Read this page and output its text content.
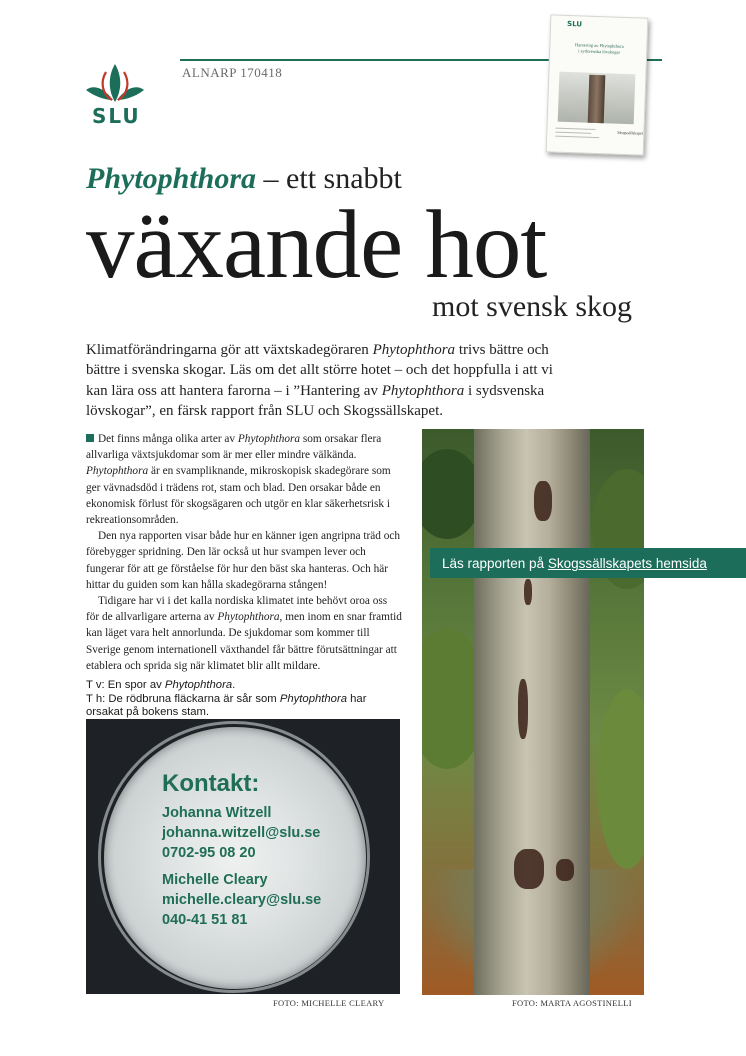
SLU
ALNARP 170418
SLU
Hantering av Phytophthora
i sydsvenska lövskogar
Skogssällskapet
Phytophthora – ett snabbt
växande hot
mot svensk skog
Klimatförändringarna gör att växtskadegöraren Phytophthora trivs bättre och bättre i svenska skogar. Läs om det allt större hotet – och det hoppfulla i att vi kan lära oss att hantera farorna – i ”Hantering av Phytophthora i sydsvenska lövskogar”, en färsk rapport från SLU och Skogssällskapet.

Det finns många olika arter av Phytophthora som orsakar flera allvarliga växtsjukdomar som är mer eller mindre välkända. Phytophthora är en svampliknande, mikroskopisk skadegörare som ger vävnadsdöd i trädens rot, stam och blad. Den orsakar både en ekonomisk förlust för skogsägaren och utgör en klar säkerhetsrisk i rekreationsområden.

Den nya rapporten visar både hur en känner igen angripna träd och förebygger spridning. Den lär också ut hur svampen lever och fungerar för att ge förståelse för hur den bäst ska hanteras. Och här hittar du guiden som kan hålla skadegörarna stången!

Tidigare har vi i det kalla nordiska klimatet inte behövt oroa oss för de allvarligare arterna av Phytophthora, men inom en snar framtid kan läget vara helt annorlunda. De sjukdomar som kommer till Sverige genom internationell växthandel får bättre förutsättningar att etablera och sprida sig när klimatet blir allt mildare.

T v: En spor av Phytophthora.

T h: De rödbruna fläckarna är sår som Phytophthora har orsakat på bokens stam.

Kontakt:
Johanna Witzell
johanna.witzell@slu.se
0702-95 08 20
Michelle Cleary
michelle.cleary@slu.se
040-41 51 81
Läs rapporten på Skogssällskapets hemsida
FOTO: MICHELLE CLEARY	FOTO: MARTA AGOSTINELLI
